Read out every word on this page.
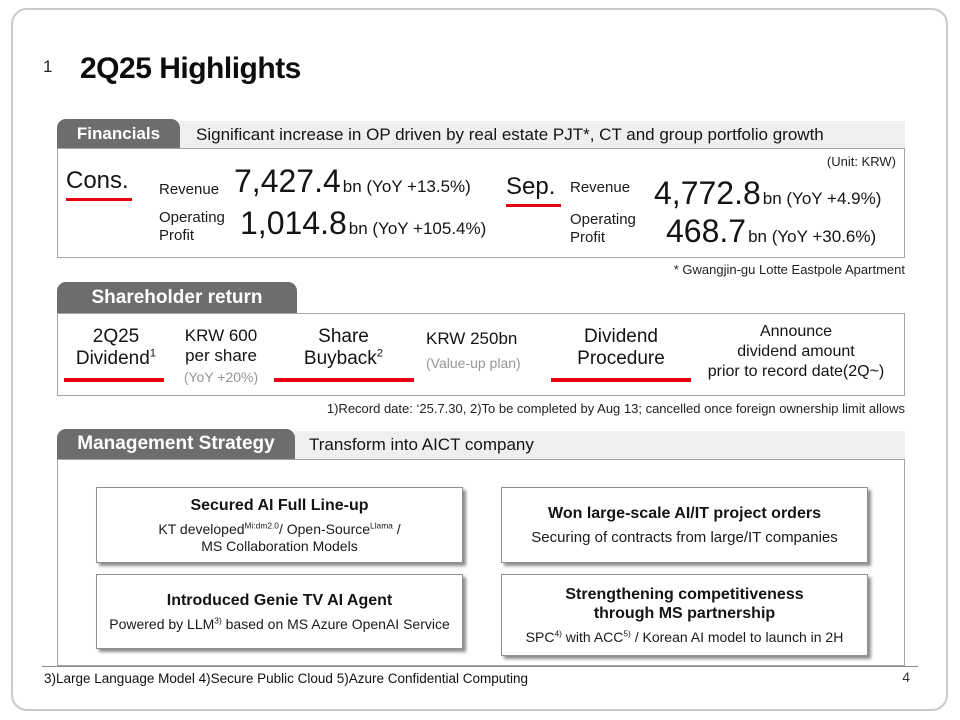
1 2Q25 Highlights
Financials	Significant increase in OP driven by real estate PJT*, CT and group portfolio growth
(Unit: KRW)
Cons. Revenue 7,427.4 bn (YoY +13.5%)
Operating Profit	1,014.8 bn (YoY +105.4%)
Sep. Revenue 4,772.8 bn (YoY +4.9%)
Operating Profit	468.7 bn (YoY +30.6%)
* Gwangjin-gu Lotte Eastpole Apartment
Shareholder return
2Q25
Dividend$^1$
KRW 600
per share
(YoY +20%)
Share
Buyback$^2$
KRW 250bn
(Value-up plan)
Dividend
Procedure
Announce
dividend amount
prior to record date(2Q~)
1)Record date: ‘25.7.30, 2)To be completed by Aug 13; cancelled once foreign ownership limit allows
Management Strategy	Transform into AICT company
Secured AI Full Line-up
KT developed$^{Mi:dm2.0}$/ Open-Source$^{Llama}$ /
MS Collaboration Models
Won large-scale AI/IT project orders
Securing of contracts from large/IT companies
Introduced Genie TV AI Agent
Powered by LLM$^{3)}$ based on MS Azure OpenAI Service
Strengthening competitiveness
through MS partnership
SPC$^{4)}$ with ACC$^{5)}$ / Korean AI model to launch in 2H
3)Large Language Model 4)Secure Public Cloud 5)Azure Confidential Computing	4
